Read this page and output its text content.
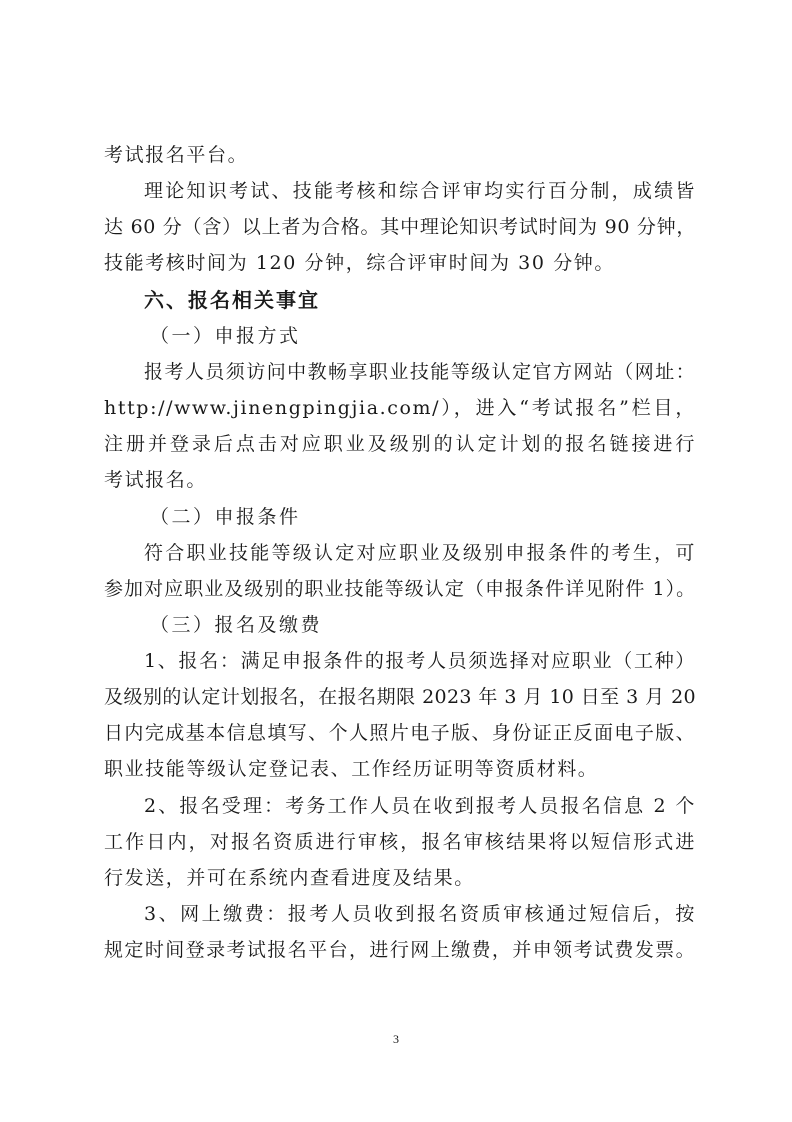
考试报名平台。
理论知识考试、技能考核和综合评审均实行百分制，成绩皆
达 60 分（含）以上者为合格。其中理论知识考试时间为 90 分钟，
技能考核时间为 120 分钟，综合评审时间为 30 分钟。
六、报名相关事宜
（一）申报方式
报考人员须访问中教畅享职业技能等级认定官方网站（网址：
http://www.jinengpingjia.com/），进入“考试报名”栏目，
注册并登录后点击对应职业及级别的认定计划的报名链接进行
考试报名。
（二）申报条件
符合职业技能等级认定对应职业及级别申报条件的考生，可
参加对应职业及级别的职业技能等级认定（申报条件详见附件 1）。
（三）报名及缴费
1、报名：满足申报条件的报考人员须选择对应职业（工种）
及级别的认定计划报名，在报名期限 2023 年 3 月 10 日至 3 月 20
日内完成基本信息填写、个人照片电子版、身份证正反面电子版、
职业技能等级认定登记表、工作经历证明等资质材料。
2、报名受理：考务工作人员在收到报考人员报名信息 2 个
工作日内，对报名资质进行审核，报名审核结果将以短信形式进
行发送，并可在系统内查看进度及结果。
3、网上缴费：报考人员收到报名资质审核通过短信后，按
规定时间登录考试报名平台，进行网上缴费，并申领考试费发票。
3
